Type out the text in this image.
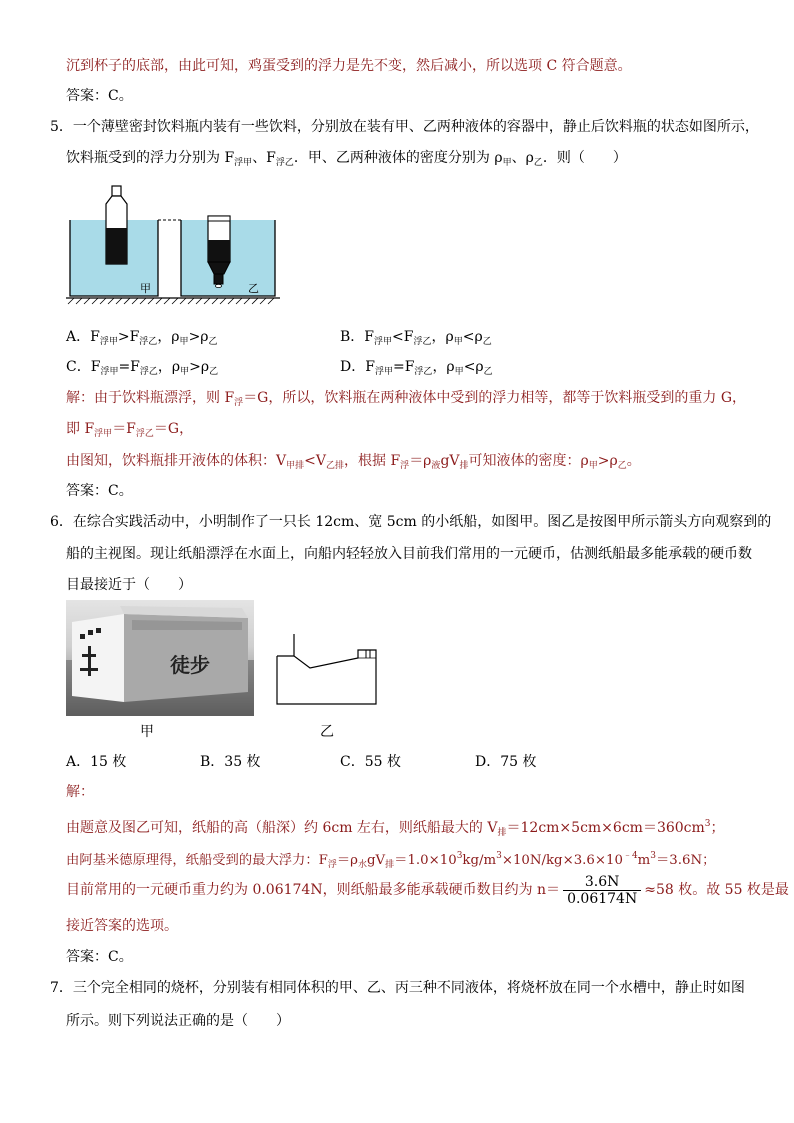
沉到杯子的底部，由此可知，鸡蛋受到的浮力是先不变，然后减小，所以选项 C 符合题意。
答案：C。
5．一个薄壁密封饮料瓶内装有一些饮料，分别放在装有甲、乙两种液体的容器中，静止后饮料瓶的状态如图所示，
饮料瓶受到的浮力分别为 $F_{浮甲}$、$F_{浮乙}$．甲、乙两种液体的密度分别为 $\rho_甲$、$\rho_乙$．则（　　）
甲	乙
A．$F_{浮甲}>F_{浮乙}$，$\rho_甲>\rho_乙$	B．$F_{浮甲}<F_{浮乙}$，$\rho_甲<\rho_乙$
C．$F_{浮甲}=F_{浮乙}$，$\rho_甲>\rho_乙$	D．$F_{浮甲}=F_{浮乙}$，$\rho_甲<\rho_乙$
解：由于饮料瓶漂浮，则 $F_浮=G$，所以，饮料瓶在两种液体中受到的浮力相等，都等于饮料瓶受到的重力 G，
即 $F_{浮甲}=F_{浮乙}=G$，
由图知，饮料瓶排开液体的体积：$V_{甲排}<V_{乙排}$，根据 $F_浮=\rho_液gV_排$可知液体的密度：$\rho_甲>\rho_乙$。
答案：C。
6．在综合实践活动中，小明制作了一只长 12cm、宽 5cm 的小纸船，如图甲。图乙是按图甲所示箭头方向观察到的
船的主视图。现让纸船漂浮在水面上，向船内轻轻放入目前我们常用的一元硬币，估测纸船最多能承载的硬币数
目最接近于（　　）
徒步
甲	乙
A．15 枚	B．35 枚	C．55 枚	D．75 枚
解：
由题意及图乙可知，纸船的高（船深）约 6cm 左右，则纸船最大的 $V_排=12cm\times 5cm\times 6cm=360cm^3$；
由阿基米德原理得，纸船受到的最大浮力：$F_浮=\rho_水gV_排=1.0\times 10^3kg/m^3\times 10N/kg\times 3.6\times 10^{﹣4}m^3=3.6N$；
目前常用的一元硬币重力约为 0.06174N，则纸船最多能承载硬币数目约为 $n= \frac{3.6N}{0.06174N} \approx 58$ 枚。故 55 枚是最
接近答案的选项。
答案：C。
7．三个完全相同的烧杯，分别装有相同体积的甲、乙、丙三种不同液体，将烧杯放在同一个水槽中，静止时如图
所示。则下列说法正确的是（　　）
